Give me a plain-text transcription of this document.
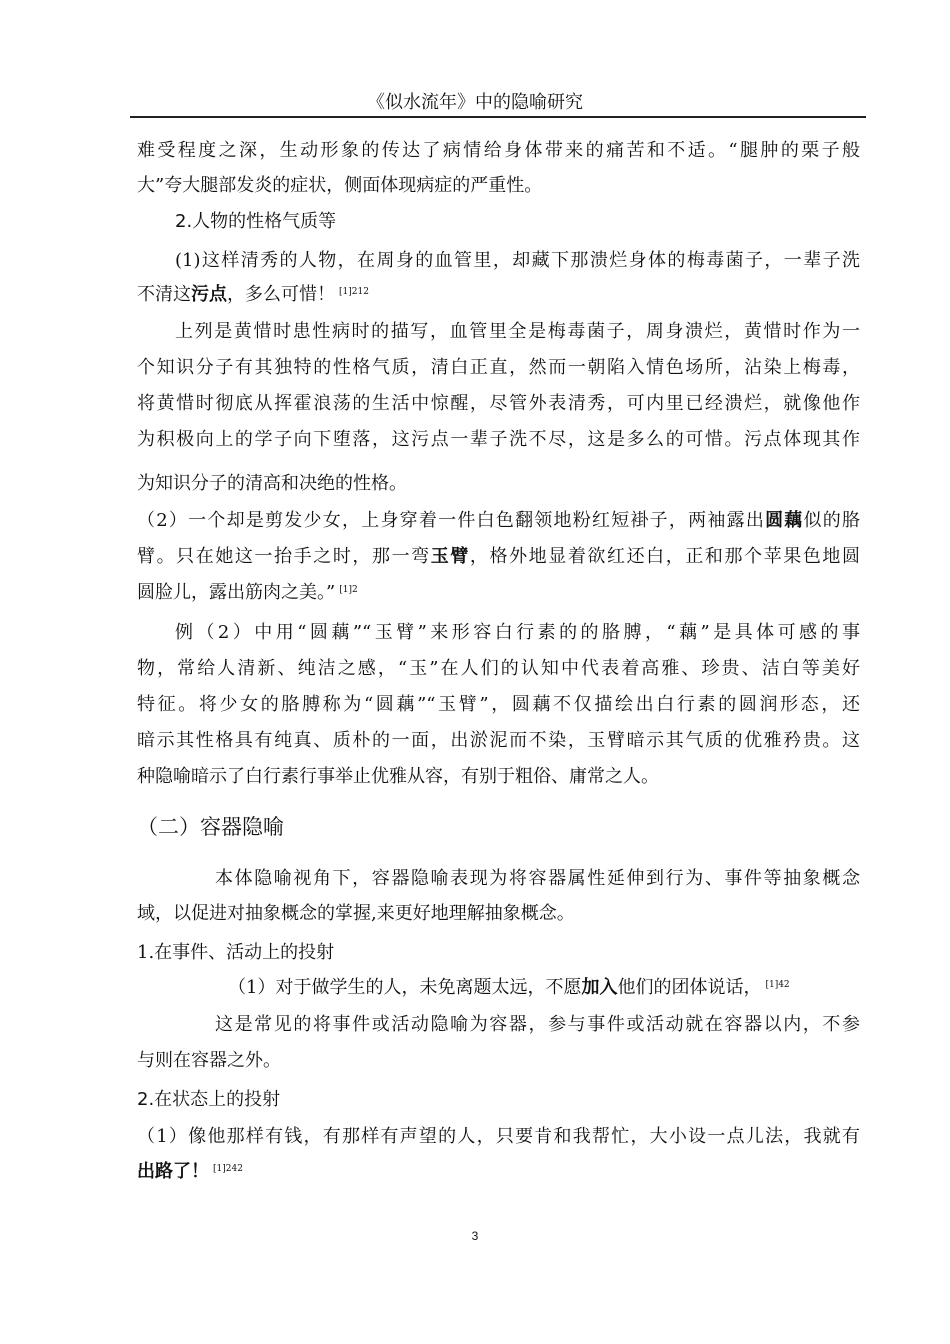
《似水流年》中的隐喻研究
难受程度之深，生动形象的传达了病情给身体带来的痛苦和不适。“腿肿的栗子般
大”夸大腿部发炎的症状，侧面体现病症的严重性。
2.人物的性格气质等
(1)这样清秀的人物，在周身的血管里，却藏下那溃烂身体的梅毒菌子，一辈子洗
不清这污点，多么可惜！ $^{[1]212}$
上列是黄惜时患性病时的描写，血管里全是梅毒菌子，周身溃烂，黄惜时作为一
个知识分子有其独特的性格气质，清白正直，然而一朝陷入情色场所，沾染上梅毒，
将黄惜时彻底从挥霍浪荡的生活中惊醒，尽管外表清秀，可内里已经溃烂，就像他作
为积极向上的学子向下堕落，这污点一辈子洗不尽，这是多么的可惜。污点体现其作
为知识分子的清高和决绝的性格。
（2）一个却是剪发少女，上身穿着一件白色翻领地粉红短褂子，两袖露出圆藕似的胳
臂。只在她这一抬手之时，那一弯玉臂，格外地显着欲红还白，正和那个苹果色地圆
圆脸儿，露出筋肉之美。” $^{[1]2}$
例（2）中用“圆藕”“玉臂”来形容白行素的的胳膊，“藕”是具体可感的事
物，常给人清新、纯洁之感，“玉”在人们的认知中代表着高雅、珍贵、洁白等美好
特征。将少女的胳膊称为“圆藕”“玉臂”，圆藕不仅描绘出白行素的圆润形态，还
暗示其性格具有纯真、质朴的一面，出淤泥而不染，玉臂暗示其气质的优雅矜贵。这
种隐喻暗示了白行素行事举止优雅从容，有别于粗俗、庸常之人。
（二）容器隐喻
本体隐喻视角下，容器隐喻表现为将容器属性延伸到行为、事件等抽象概念
域，以促进对抽象概念的掌握,来更好地理解抽象概念。
1.在事件、活动上的投射
（1）对于做学生的人，未免离题太远，不愿加入他们的团体说话， $^{[1]42}$
这是常见的将事件或活动隐喻为容器，参与事件或活动就在容器以内，不参
与则在容器之外。
2.在状态上的投射
（1）像他那样有钱，有那样有声望的人，只要肯和我帮忙，大小设一点儿法，我就有
出路了！ $^{[1]242}$
3
